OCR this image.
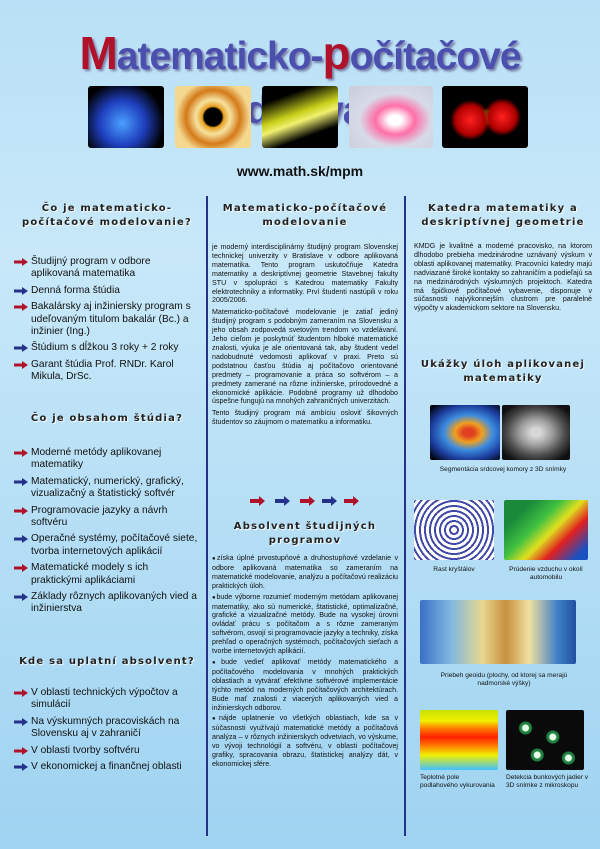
Matematicko-počítačové
www.math.sk/mpm
Čo je matematicko-počítačové modelovanie?
Študijný program v odbore aplikovaná matematika
Denná forma štúdia
Bakalársky aj inžiniersky program s udeľovaným titulom bakalár (Bc.) a inžinier (Ing.)
Štúdium s dĺžkou 3 roky + 2 roky
Garant štúdia Prof. RNDr. Karol Mikula, DrSc.
Čo je obsahom štúdia?
Moderné metódy aplikovanej matematiky
Matematický, numerický, grafický, vizualizačný a štatistický softvér
Programovacie jazyky a návrh softvéru
Operačné systémy, počítačové siete, tvorba internetových aplikácií
Matematické modely s ich praktickými aplikáciami
Základy rôznych aplikovaných vied a inžinierstva
Kde sa uplatní absolvent?
V oblasti technických výpočtov a simulácií
Na výskumných pracoviskách na Slovensku aj v zahraničí
V oblasti tvorby softvéru
V ekonomickej a finančnej oblasti
Matematicko-počítačové modelovanie

je moderný interdisciplinárny študijný program Slovenskej technickej univerzity v Bratislave v odbore aplikovaná matematika. Tento program uskutočňuje Katedra matematiky a deskriptívnej geometrie Stavebnej fakulty STU v spolupráci s Katedrou matematiky Fakulty elektrotechniky a informatiky. Prví študenti nastúpili v roku 2005/2006.

Matematicko-počítačové modelovanie je zatiaľ jediný študijný program s podobným zameraním na Slovensku a jeho obsah zodpovedá svetovým trendom vo vzdelávaní. Jeho cieľom je poskytnúť študentom hlboké matematické znalosti, výuka je ale orientovaná tak, aby študent vedel nadobudnuté vedomosti aplikovať v praxi. Preto sú podstatnou časťou štúdia aj počítačovo orientované predmety – programovanie a práca so softvérom – a predmety zamerané na rôzne inžinierske, prírodovedné a ekonomické aplikácie. Podobné programy už dlhodobo úspešne fungujú na mnohých zahraničných univerzitách.

Tento študijný program má ambíciu osloviť šikovných študentov so záujmom o matematiku a informatiku.

Absolvent študijných programov

● získa úplné prvostupňové a druhostupňové vzdelanie v odbore aplikovaná matematika so zameraním na matematické modelovanie, analýzu a počítačovú realizáciu praktických úloh.

● bude výborne rozumieť moderným metódam aplikovanej matematiky, ako sú numerické, štatistické, optimalizačné, grafické a vizualizačné metódy. Bude na vysokej úrovni ovládať prácu s počítačom a s rôzne zameraným softvérom, osvojí si programovacie jazyky a techniky, získa prehľad o operačných systémoch, počítačových sieťach a tvorbe internetových aplikácií.

● bude vedieť aplikovať metódy matematického a počítačového modelovania v mnohých praktických oblastiach a vytvárať efektívne softvérové implementácie týchto metód na moderných počítačových architektúrach. Bude mať znalosti z viacerých aplikovaných vied a inžinierskych odborov.

● nájde uplatnenie vo všetkých oblastiach, kde sa v súčasnosti využívajú matematické metódy a počítačová analýza – v rôznych inžinierskych odvetviach, vo výskume, vo vývoji technológií a softvéru, v oblasti počítačovej grafiky, spracovania obrazu, štatistickej analýzy dát, v ekonomickej sfére.

Katedra matematiky a deskriptívnej geometrie

KMDG je kvalitné a moderné pracovisko, na ktorom dlhodobo prebieha medzinárodne uznávaný výskum v oblasti aplikovanej matematiky. Pracovníci katedry majú nadviazané široké kontakty so zahraničím a podieľajú sa na medzinárodných výskumných projektoch. Katedra má špičkové počítačové vybavenie, disponuje v súčasnosti najvýkonnejším clustrom pre paralelné výpočty v akademickom sektore na Slovensku.

Ukážky úloh aplikovanej matematiky
Segmentácia srdcovej komory z 3D snímky
Rast kryštálov	Prúdenie vzduchu v okolí automobilu
Priebeh geoidu (plochy, od ktorej sa merajú nadmorské výšky)
Teplotné pole podlahového vykurovania
Detekcia bunkových jadier v 3D snímke z mikroskopu
